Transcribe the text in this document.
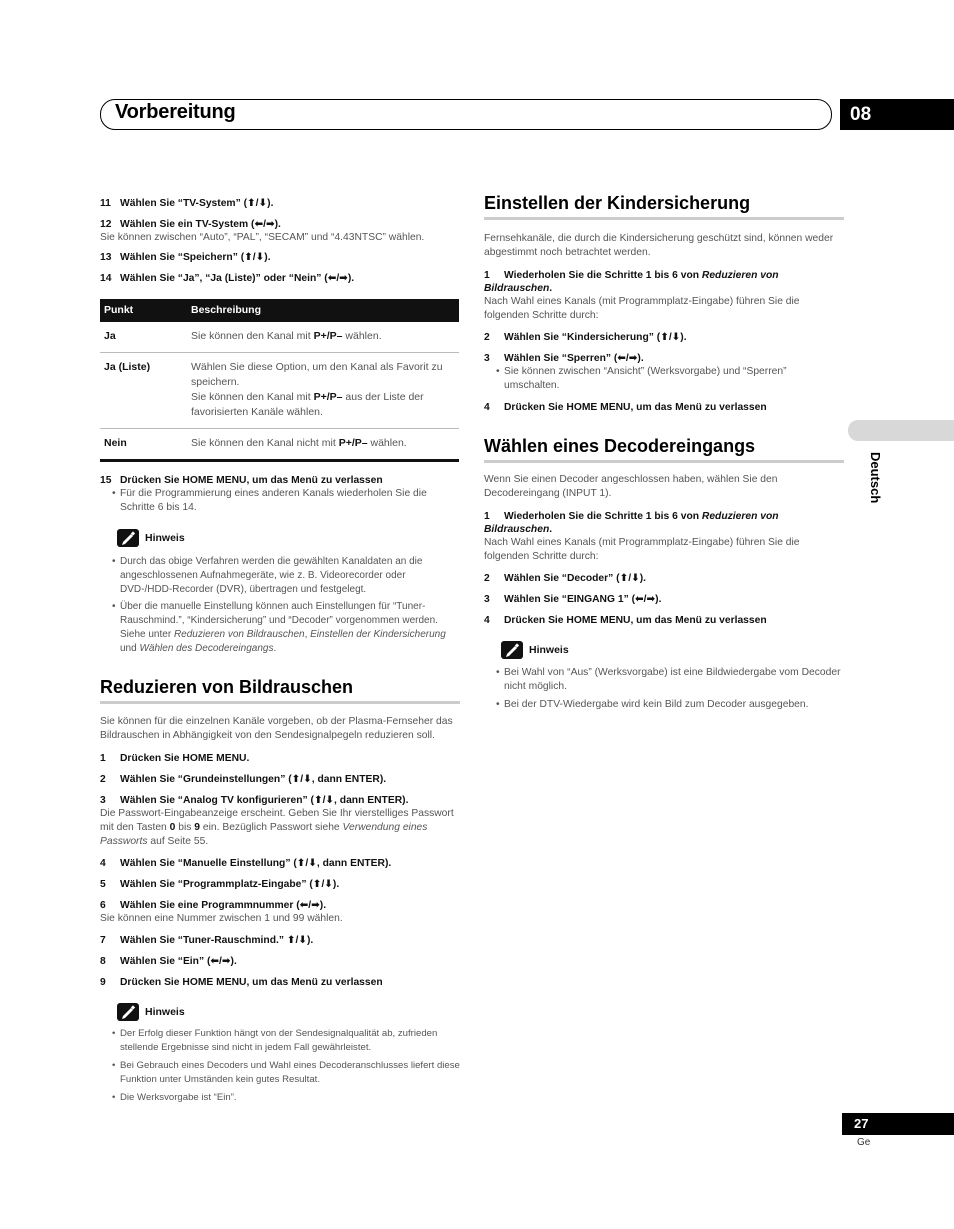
Vorbereitung	08
Deutsch
27
Ge

11 Wählen Sie “TV-System” (⬆/⬇).

12 Wählen Sie ein TV-System (⬅/➡).

Sie können zwischen “Auto”, “PAL”, “SECAM” und “4.43NTSC” wählen.

13 Wählen Sie “Speichern” (⬆/⬇).

14 Wählen Sie “Ja”, “Ja (Liste)” oder “Nein” (⬅/➡).

Punkt	Beschreibung
Ja	Sie können den Kanal mit P+/P– wählen.
Ja (Liste)	Wählen Sie diese Option, um den Kanal als Favorit zu speichern.
Sie können den Kanal mit P+/P– aus der Liste der favorisierten Kanäle wählen.
Nein	Sie können den Kanal nicht mit P+/P– wählen.

15 Drücken Sie HOME MENU, um das Menü zu verlassen

• Für die Programmierung eines anderen Kanals wiederholen Sie die Schritte 6 bis 14.

Hinweis

• Durch das obige Verfahren werden die gewählten Kanaldaten an die angeschlossenen Aufnahmegeräte, wie z. B. Videorecorder oder DVD-/HDD-Recorder (DVR), übertragen und festgelegt.

• Über die manuelle Einstellung können auch Einstellungen für “Tuner-Rauschmind.”, “Kindersicherung” und “Decoder” vorgenommen werden. Siehe unter Reduzieren von Bildrauschen, Einstellen der Kindersicherung und Wählen des Decodereingangs.

Reduzieren von Bildrauschen

Sie können für die einzelnen Kanäle vorgeben, ob der Plasma-Fernseher das Bildrauschen in Abhängigkeit von den Sendesignalpegeln reduzieren soll.

1 Drücken Sie HOME MENU.

2 Wählen Sie “Grundeinstellungen” (⬆/⬇, dann ENTER).

3 Wählen Sie “Analog TV konfigurieren” (⬆/⬇, dann ENTER).

Die Passwort-Eingabeanzeige erscheint. Geben Sie Ihr vierstelliges Passwort mit den Tasten 0 bis 9 ein. Bezüglich Passwort siehe Verwendung eines Passworts auf Seite 55.

4 Wählen Sie “Manuelle Einstellung” (⬆/⬇, dann ENTER).

5 Wählen Sie “Programmplatz-Eingabe” (⬆/⬇).

6 Wählen Sie eine Programmnummer (⬅/➡).

Sie können eine Nummer zwischen 1 und 99 wählen.

7 Wählen Sie “Tuner-Rauschmind.” ⬆/⬇).

8 Wählen Sie “Ein” (⬅/➡).

9 Drücken Sie HOME MENU, um das Menü zu verlassen

Hinweis

• Der Erfolg dieser Funktion hängt von der Sendesignalqualität ab, zufrieden stellende Ergebnisse sind nicht in jedem Fall gewährleistet.

• Bei Gebrauch eines Decoders und Wahl eines Decoderanschlusses liefert diese Funktion unter Umständen kein gutes Resultat.

• Die Werksvorgabe ist “Ein”.

Einstellen der Kindersicherung

Fernsehkanäle, die durch die Kindersicherung geschützt sind, können weder abgestimmt noch betrachtet werden.

1 Wiederholen Sie die Schritte 1 bis 6 von Reduzieren von Bildrauschen.

Nach Wahl eines Kanals (mit Programmplatz-Eingabe) führen Sie die folgenden Schritte durch:

2 Wählen Sie “Kindersicherung” (⬆/⬇).

3 Wählen Sie “Sperren” (⬅/➡).

• Sie können zwischen “Ansicht” (Werksvorgabe) und “Sperren” umschalten.

4 Drücken Sie HOME MENU, um das Menü zu verlassen

Wählen eines Decodereingangs

Wenn Sie einen Decoder angeschlossen haben, wählen Sie den Decodereingang (INPUT 1).

1 Wiederholen Sie die Schritte 1 bis 6 von Reduzieren von Bildrauschen.

Nach Wahl eines Kanals (mit Programmplatz-Eingabe) führen Sie die folgenden Schritte durch:

2 Wählen Sie “Decoder” (⬆/⬇).

3 Wählen Sie “EINGANG 1” (⬅/➡).

4 Drücken Sie HOME MENU, um das Menü zu verlassen

Hinweis

• Bei Wahl von “Aus” (Werksvorgabe) ist eine Bildwiedergabe vom Decoder nicht möglich.

• Bei der DTV-Wiedergabe wird kein Bild zum Decoder ausgegeben.
